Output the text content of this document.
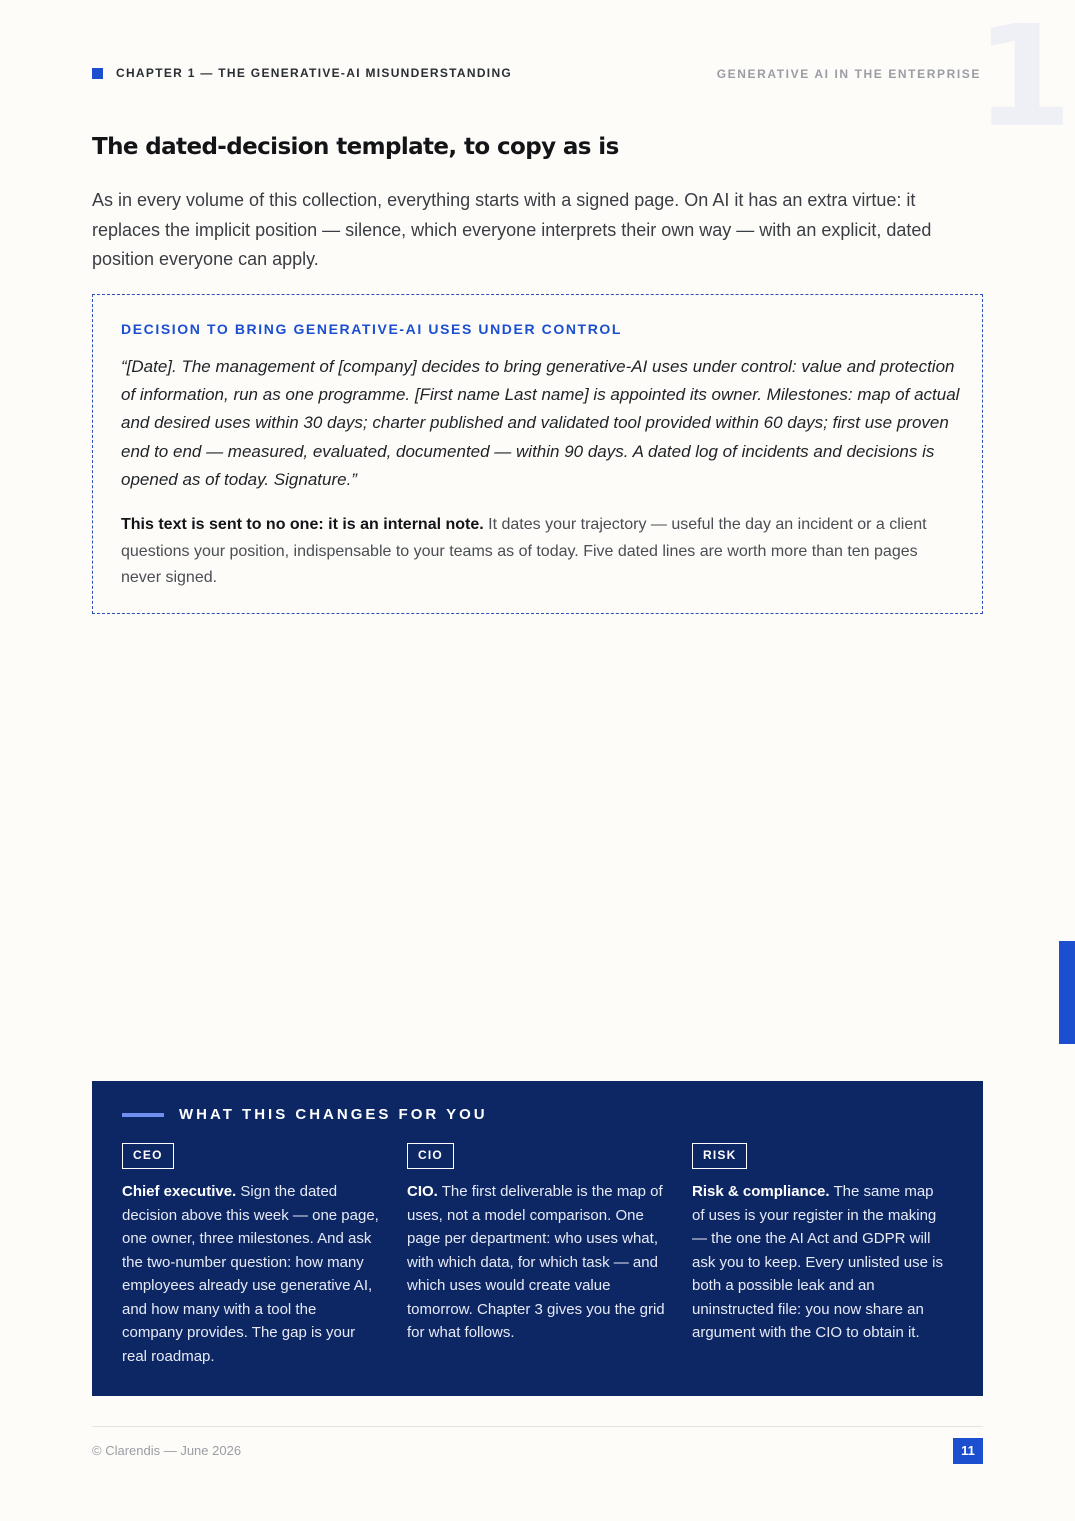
CHAPTER 1 — THE GENERATIVE-AI MISUNDERSTANDING	1
GENERATIVE AI IN THE ENTERPRISE
The dated-decision template, to copy as is

As in every volume of this collection, everything starts with a signed page. On AI it has an extra virtue: it replaces the implicit position — silence, which everyone interprets their own way — with an explicit, dated position everyone can apply.

DECISION TO BRING GENERATIVE-AI USES UNDER CONTROL

“[Date]. The management of [company] decides to bring generative-AI uses under control: value and protection of information, run as one programme. [First name Last name] is appointed its owner. Milestones: map of actual and desired uses within 30 days; charter published and validated tool provided within 60 days; first use proven end to end — measured, evaluated, documented — within 90 days. A dated log of incidents and decisions is opened as of today. Signature.”

This text is sent to no one: it is an internal note. It dates your trajectory — useful the day an incident or a client questions your position, indispensable to your teams as of today. Five dated lines are worth more than ten pages never signed.

WHAT THIS CHANGES FOR YOU
CEO

Chief executive. Sign the dated decision above this week — one page, one owner, three milestones. And ask the two-number question: how many employees already use generative AI, and how many with a tool the company provides. The gap is your real roadmap.

CIO

CIO. The first deliverable is the map of uses, not a model comparison. One page per department: who uses what, with which data, for which task — and which uses would create value tomorrow. Chapter 3 gives you the grid for what follows.

RISK

Risk & compliance. The same map of uses is your register in the making — the one the AI Act and GDPR will ask you to keep. Every unlisted use is both a possible leak and an uninstructed file: you now share an argument with the CIO to obtain it.

© Clarendis — June 2026	11
